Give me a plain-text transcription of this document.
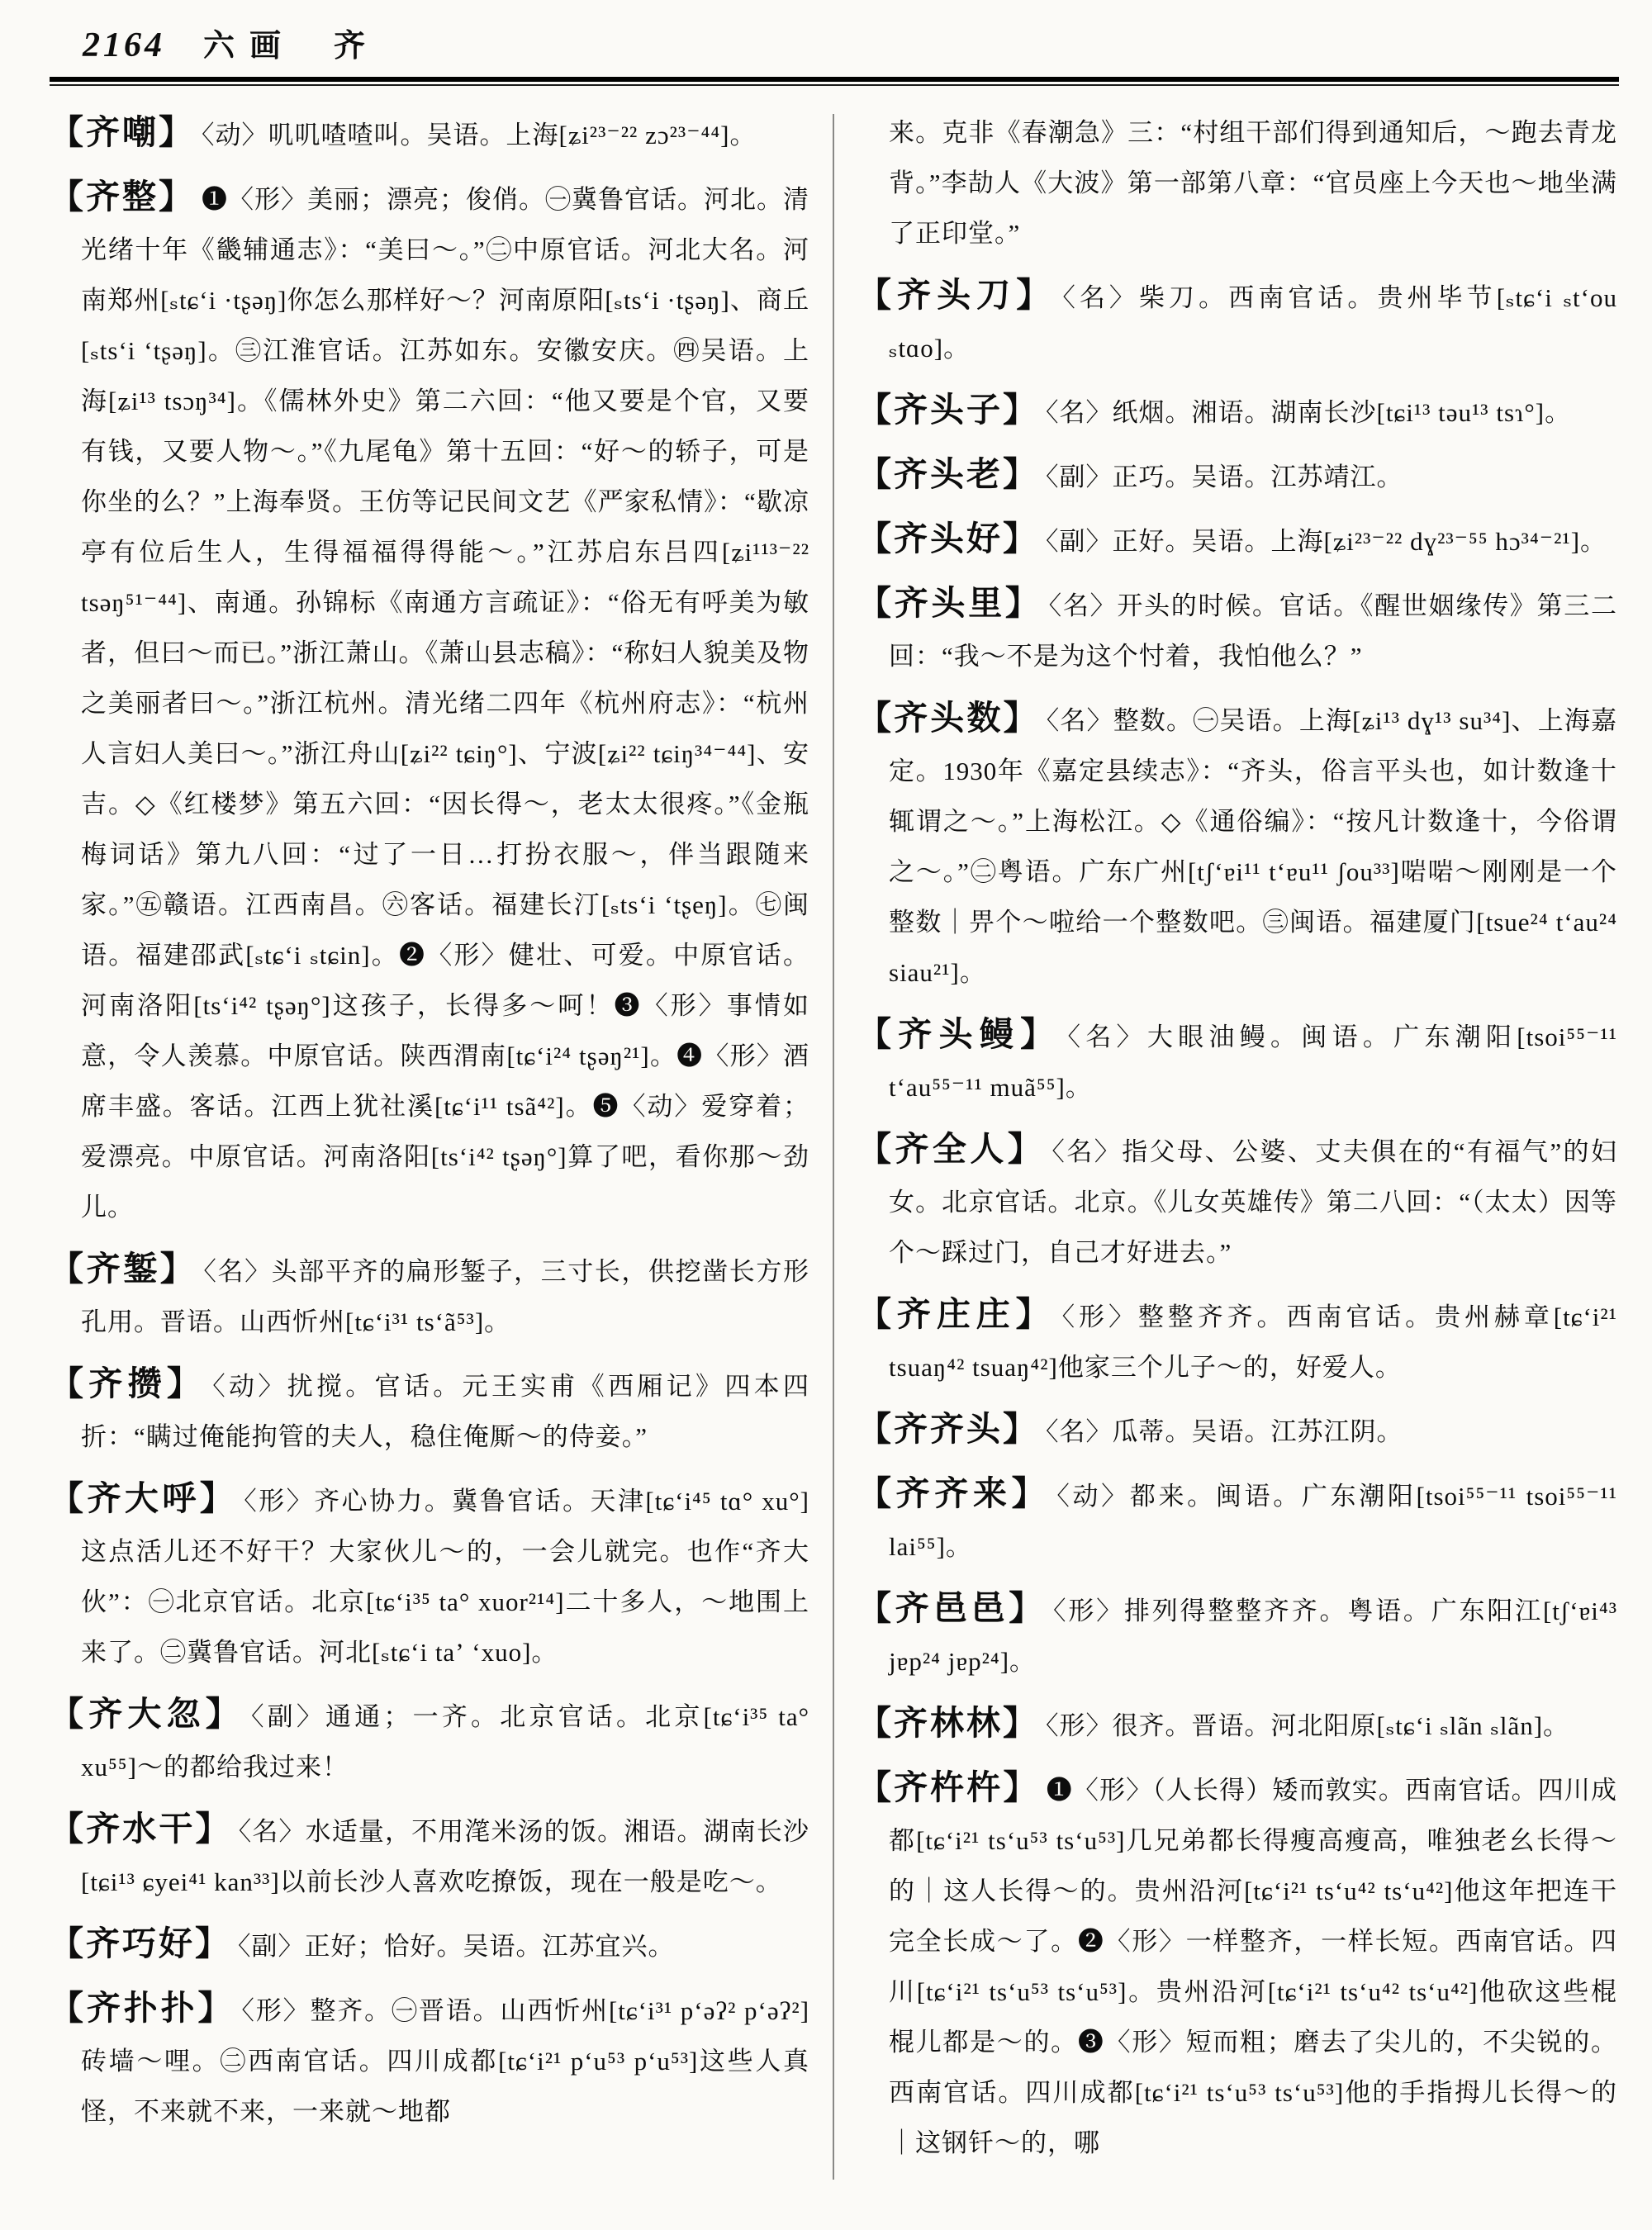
2164 六画 齐
【齐嘲】 〈动〉叽叽喳喳叫。吴语。上海[ʑi²³⁻²² zɔ²³⁻⁴⁴]。
【齐整】 ❶〈形〉美丽；漂亮；俊俏。㊀冀鲁官话。河北。清光绪十年《畿辅通志》：“美曰～。”㊁中原官话。河北大名。河南郑州[ₛtɕʻi ·tʂəŋ]你怎么那样好～？河南原阳[ₛtsʻi ·tʂəŋ]、商丘[ₛtsʻi ʻtʂəŋ]。㊂江淮官话。江苏如东。安徽安庆。㊃吴语。上海[ʑi¹³ tsɔŋ³⁴]。《儒林外史》第二六回：“他又要是个官，又要有钱，又要人物～。”《九尾龟》第十五回：“好～的轿子，可是你坐的么？”上海奉贤。王仿等记民间文艺《严家私情》：“歇凉亭有位后生人，生得福福得得能～。”江苏启东吕四[ʑi¹¹³⁻²² tsəŋ⁵¹⁻⁴⁴]、南通。孙锦标《南通方言疏证》：“俗无有呼美为敏者，但曰～而已。”浙江萧山。《萧山县志稿》：“称妇人貌美及物之美丽者曰～。”浙江杭州。清光绪二四年《杭州府志》：“杭州人言妇人美曰～。”浙江舟山[ʑi²² tɕiŋ°]、宁波[ʑi²² tɕiŋ³⁴⁻⁴⁴]、安吉。◇《红楼梦》第五六回：“因长得～，老太太很疼。”《金瓶梅词话》第九八回：“过了一日…打扮衣服～，伴当跟随来家。”㊄赣语。江西南昌。㊅客话。福建长汀[ₛtsʻi ʻtʂeŋ]。㊆闽语。福建邵武[ₛtɕʻi ₛtɕin]。❷〈形〉健壮、可爱。中原官话。河南洛阳[tsʻi⁴² tʂəŋ°]这孩子，长得多～呵！❸〈形〉事情如意，令人羡慕。中原官话。陕西渭南[tɕʻi²⁴ tʂəŋ²¹]。❹〈形〉酒席丰盛。客话。江西上犹社溪[tɕʻi¹¹ tsã⁴²]。❺〈动〉爱穿着；爱漂亮。中原官话。河南洛阳[tsʻi⁴² tʂəŋ°]算了吧，看你那～劲儿。
【齐錾】 〈名〉头部平齐的扁形錾子，三寸长，供挖凿长方形孔用。晋语。山西忻州[tɕʻi³¹ tsʻã⁵³]。
【齐攒】 〈动〉扰搅。官话。元王实甫《西厢记》四本四折：“瞒过俺能拘管的夫人，稳住俺厮～的侍妾。”
【齐大呼】 〈形〉齐心协力。冀鲁官话。天津[tɕʻi⁴⁵ tɑ° xu°]这点活儿还不好干？大家伙儿～的，一会儿就完。也作“齐大伙”：㊀北京官话。北京[tɕʻi³⁵ ta° xuor²¹⁴]二十多人，～地围上来了。㊁冀鲁官话。河北[ₛtɕʻi taʼ ʻxuo]。
【齐大忽】 〈副〉通通；一齐。北京官话。北京[tɕʻi³⁵ ta° xu⁵⁵]～的都给我过来！
【齐水干】 〈名〉水适量，不用滗米汤的饭。湘语。湖南长沙[tɕi¹³ ɕyei⁴¹ kan³³]以前长沙人喜欢吃撩饭，现在一般是吃～。
【齐巧好】 〈副〉正好；恰好。吴语。江苏宜兴。
【齐扑扑】 〈形〉整齐。㊀晋语。山西忻州[tɕʻi³¹ pʻəʔ² pʻəʔ²]砖墙～哩。㊁西南官话。四川成都[tɕʻi²¹ pʻu⁵³ pʻu⁵³]这些人真怪，不来就不来，一来就～地都
来。克非《春潮急》三：“村组干部们得到通知后，～跑去青龙背。”李劼人《大波》第一部第八章：“官员座上今天也～地坐满了正印堂。”
【齐头刀】 〈名〉柴刀。西南官话。贵州毕节[ₛtɕʻi ₛtʻou ₛtɑo]。
【齐头子】 〈名〉纸烟。湘语。湖南长沙[tɕi¹³ təu¹³ tsɿ°]。
【齐头老】 〈副〉正巧。吴语。江苏靖江。
【齐头好】 〈副〉正好。吴语。上海[ʑi²³⁻²² dɣ²³⁻⁵⁵ hɔ³⁴⁻²¹]。
【齐头里】 〈名〉开头的时候。官话。《醒世姻缘传》第三二回：“我～不是为这个忖着，我怕他么？”
【齐头数】 〈名〉整数。㊀吴语。上海[ʑi¹³ dɣ¹³ su³⁴]、上海嘉定。1930年《嘉定县续志》：“齐头，俗言平头也，如计数逢十辄谓之～。”上海松江。◇《通俗编》：“按凡计数逢十，今俗谓之～。”㊁粤语。广东广州[tʃʻɐi¹¹ tʻɐu¹¹ ʃou³³]啱啱～刚刚是一个整数｜畀个～啦给一个整数吧。㊂闽语。福建厦门[tsue²⁴ tʻau²⁴ siau²¹]。
【齐头鳗】 〈名〉大眼油鳗。闽语。广东潮阳[tsoi⁵⁵⁻¹¹ tʻau⁵⁵⁻¹¹ muã⁵⁵]。
【齐全人】 〈名〉指父母、公婆、丈夫俱在的“有福气”的妇女。北京官话。北京。《儿女英雄传》第二八回：“（太太）因等个～踩过门，自己才好进去。”
【齐庄庄】 〈形〉整整齐齐。西南官话。贵州赫章[tɕʻi²¹ tsuaŋ⁴² tsuaŋ⁴²]他家三个儿子～的，好爱人。
【齐齐头】 〈名〉瓜蒂。吴语。江苏江阴。
【齐齐来】 〈动〉都来。闽语。广东潮阳[tsoi⁵⁵⁻¹¹ tsoi⁵⁵⁻¹¹ lai⁵⁵]。
【齐邑邑】 〈形〉排列得整整齐齐。粤语。广东阳江[tʃʻɐi⁴³ jɐp²⁴ jɐp²⁴]。
【齐林林】 〈形〉很齐。晋语。河北阳原[ₛtɕʻi ₛlãn ₛlãn]。
【齐杵杵】 ❶〈形〉（人长得）矮而敦实。西南官话。四川成都[tɕʻi²¹ tsʻu⁵³ tsʻu⁵³]几兄弟都长得瘦高瘦高，唯独老幺长得～的｜这人长得～的。贵州沿河[tɕʻi²¹ tsʻu⁴² tsʻu⁴²]他这年把连干完全长成～了。❷〈形〉一样整齐，一样长短。西南官话。四川[tɕʻi²¹ tsʻu⁵³ tsʻu⁵³]。贵州沿河[tɕʻi²¹ tsʻu⁴² tsʻu⁴²]他砍这些棍棍儿都是～的。❸〈形〉短而粗；磨去了尖儿的，不尖锐的。西南官话。四川成都[tɕʻi²¹ tsʻu⁵³ tsʻu⁵³]他的手指拇儿长得～的｜这钢钎～的，哪
